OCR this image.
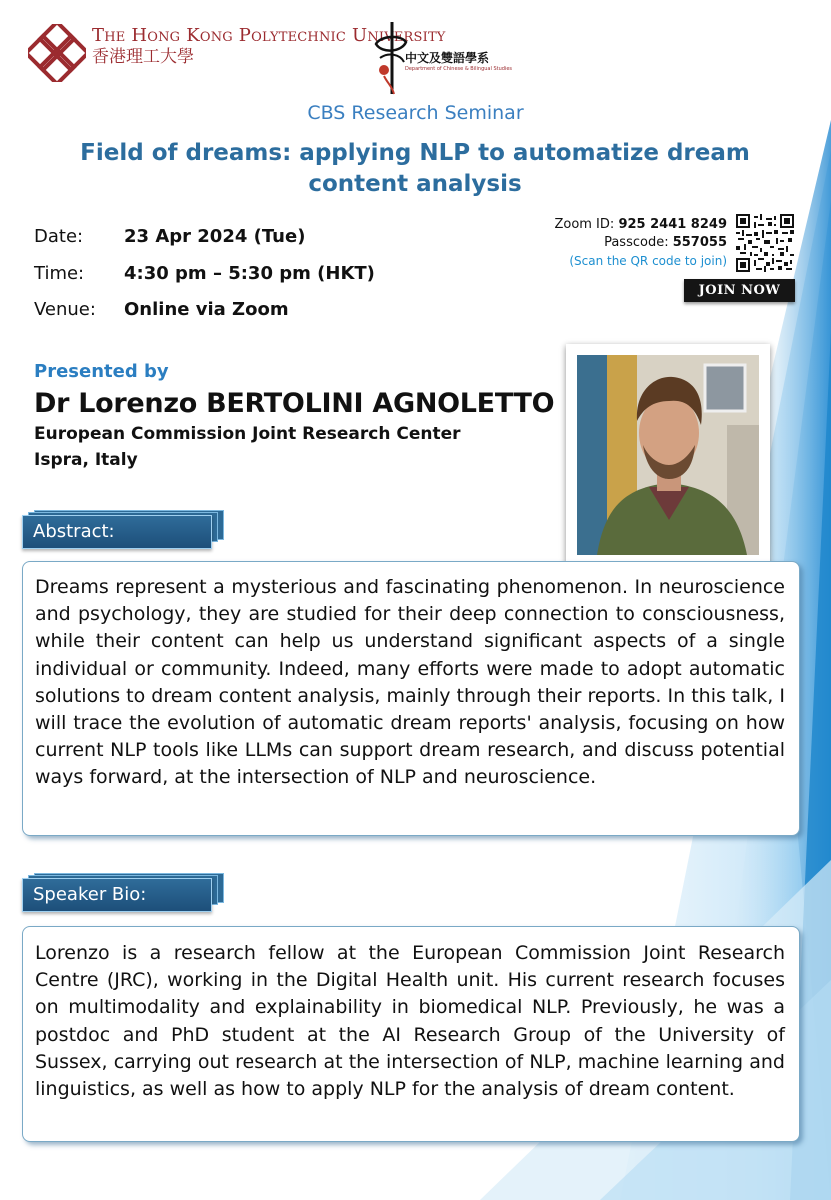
The Hong Kong Polytechnic University
香港理工大學	中文及雙語學系
Department of Chinese & Bilingual Studies
CBS Research Seminar
Field of dreams: applying NLP to automatize dream
content analysis
Date: 23 Apr 2024 (Tue)
Time: 4:30 pm – 5:30 pm (HKT)
Venue: Online via Zoom
Zoom ID: 925 2441 8249
Passcode: 557055
(Scan the QR code to join)
JOIN NOW
Presented by
Dr Lorenzo BERTOLINI AGNOLETTO
European Commission Joint Research Center
Ispra, Italy
Abstract:
Dreams represent a mysterious and fascinating phenomenon. In neuroscience and psychology, they are studied for their deep connection to consciousness, while their content can help us understand significant aspects of a single individual or community. Indeed, many efforts were made to adopt automatic solutions to dream content analysis, mainly through their reports. In this talk, I will trace the evolution of automatic dream reports' analysis, focusing on how current NLP tools like LLMs can support dream research, and discuss potential ways forward, at the intersection of NLP and neuroscience.
Speaker Bio:
Lorenzo is a research fellow at the European Commission Joint Research Centre (JRC), working in the Digital Health unit. His current research focuses on multimodality and explainability in biomedical NLP. Previously, he was a postdoc and PhD student at the AI Research Group of the University of Sussex, carrying out research at the intersection of NLP, machine learning and linguistics, as well as how to apply NLP for the analysis of dream content.
